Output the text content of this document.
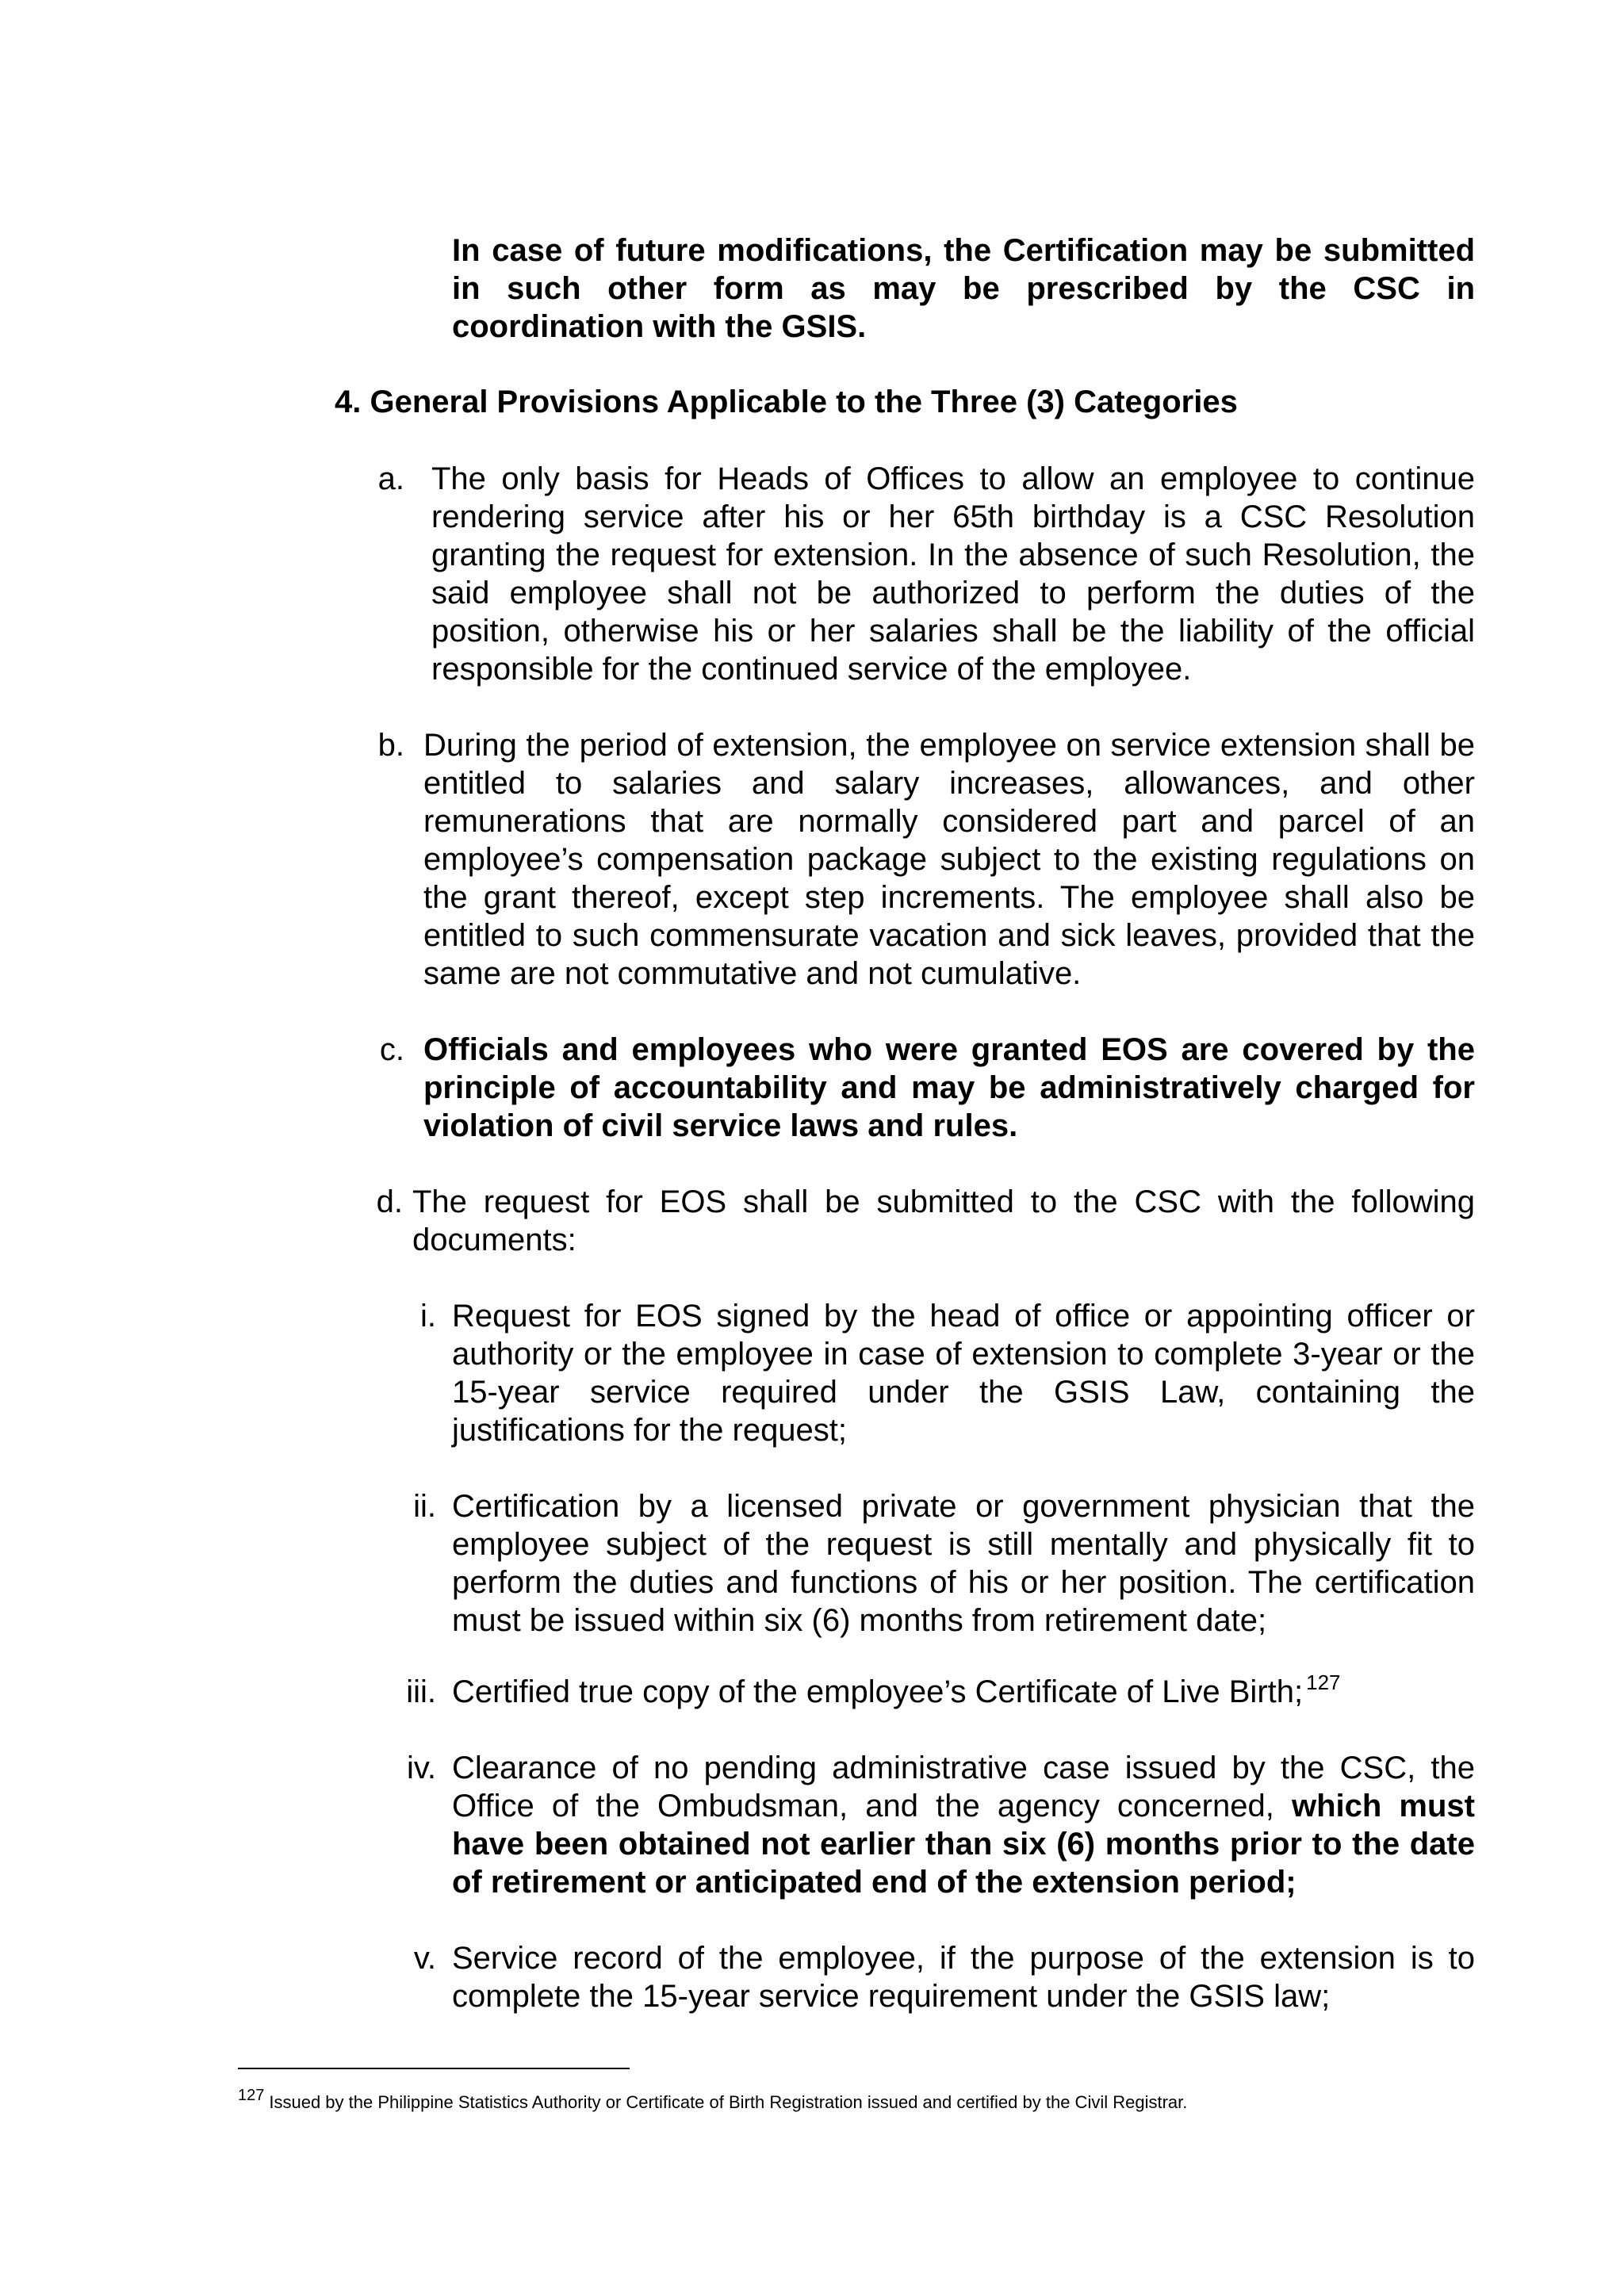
In case of future modifications, the Certification may be submitted in such other form as may be prescribed by the CSC in coordination with the GSIS.

4. General Provisions Applicable to the Three (3) Categories
a. The only basis for Heads of Offices to allow an employee to continue rendering service after his or her 65th birthday is a CSC Resolution granting the request for extension. In the absence of such Resolution, the said employee shall not be authorized to perform the duties of the position, otherwise his or her salaries shall be the liability of the official responsible for the continued service of the employee.

b. During the period of extension, the employee on service extension shall be entitled to salaries and salary increases, allowances, and other remunerations that are normally considered part and parcel of an employee’s compensation package subject to the existing regulations on the grant thereof, except step increments. The employee shall also be entitled to such commensurate vacation and sick leaves, provided that the same are not commutative and not cumulative.

c. Officials and employees who were granted EOS are covered by the principle of accountability and may be administratively charged for violation of civil service laws and rules.

d. The request for EOS shall be submitted to the CSC with the following documents:

i. Request for EOS signed by the head of office or appointing officer or authority or the employee in case of extension to complete 3-year or the 15-year service required under the GSIS Law, containing the justifications for the request;

ii. Certification by a licensed private or government physician that the employee subject of the request is still mentally and physically fit to perform the duties and functions of his or her position. The certification must be issued within six (6) months from retirement date;

iii. Certified true copy of the employee’s Certificate of Live Birth; $^{127}$

iv. Clearance of no pending administrative case issued by the CSC, the Office of the Ombudsman, and the agency concerned, which must have been obtained not earlier than six (6) months prior to the date of retirement or anticipated end of the extension period;

v. Service record of the employee, if the purpose of the extension is to complete the 15-year service requirement under the GSIS law;

$^{127}$ Issued by the Philippine Statistics Authority or Certificate of Birth Registration issued and certified by the Civil Registrar.
